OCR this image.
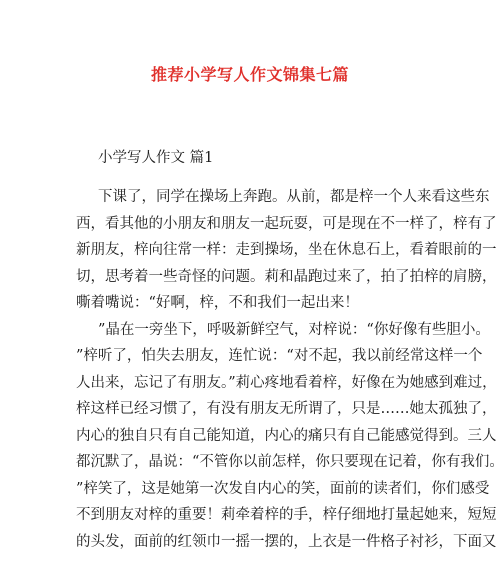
推荐小学写人作文锦集七篇
小学写人作文 篇1
下课了，同学在操场上奔跑。从前，都是梓一个人来看这些东
西，看其他的小朋友和朋友一起玩耍，可是现在不一样了，梓有了
新朋友，梓向往常一样：走到操场，坐在休息石上，看着眼前的一
切，思考着一些奇怪的问题。莉和晶跑过来了，拍了拍梓的肩膀，
嘶着嘴说：“好啊，梓，不和我们一起出来！
”晶在一旁坐下，呼吸新鲜空气，对梓说：“你好像有些胆小。
”梓听了，怕失去朋友，连忙说：“对不起，我以前经常这样一个
人出来，忘记了有朋友。”莉心疼地看着梓，好像在为她感到难过，
梓这样已经习惯了，有没有朋友无所谓了，只是……她太孤独了，
内心的独自只有自己能知道，内心的痛只有自己能感觉得到。三人
都沉默了，晶说：“不管你以前怎样，你只要现在记着，你有我们。
”梓笑了，这是她第一次发自内心的笑，面前的读者们，你们感受
不到朋友对梓的重要！莉牵着梓的手，梓仔细地打量起她来，短短
的头发，面前的红领巾一摇一摆的，上衣是一件格子衬衫，下面又
